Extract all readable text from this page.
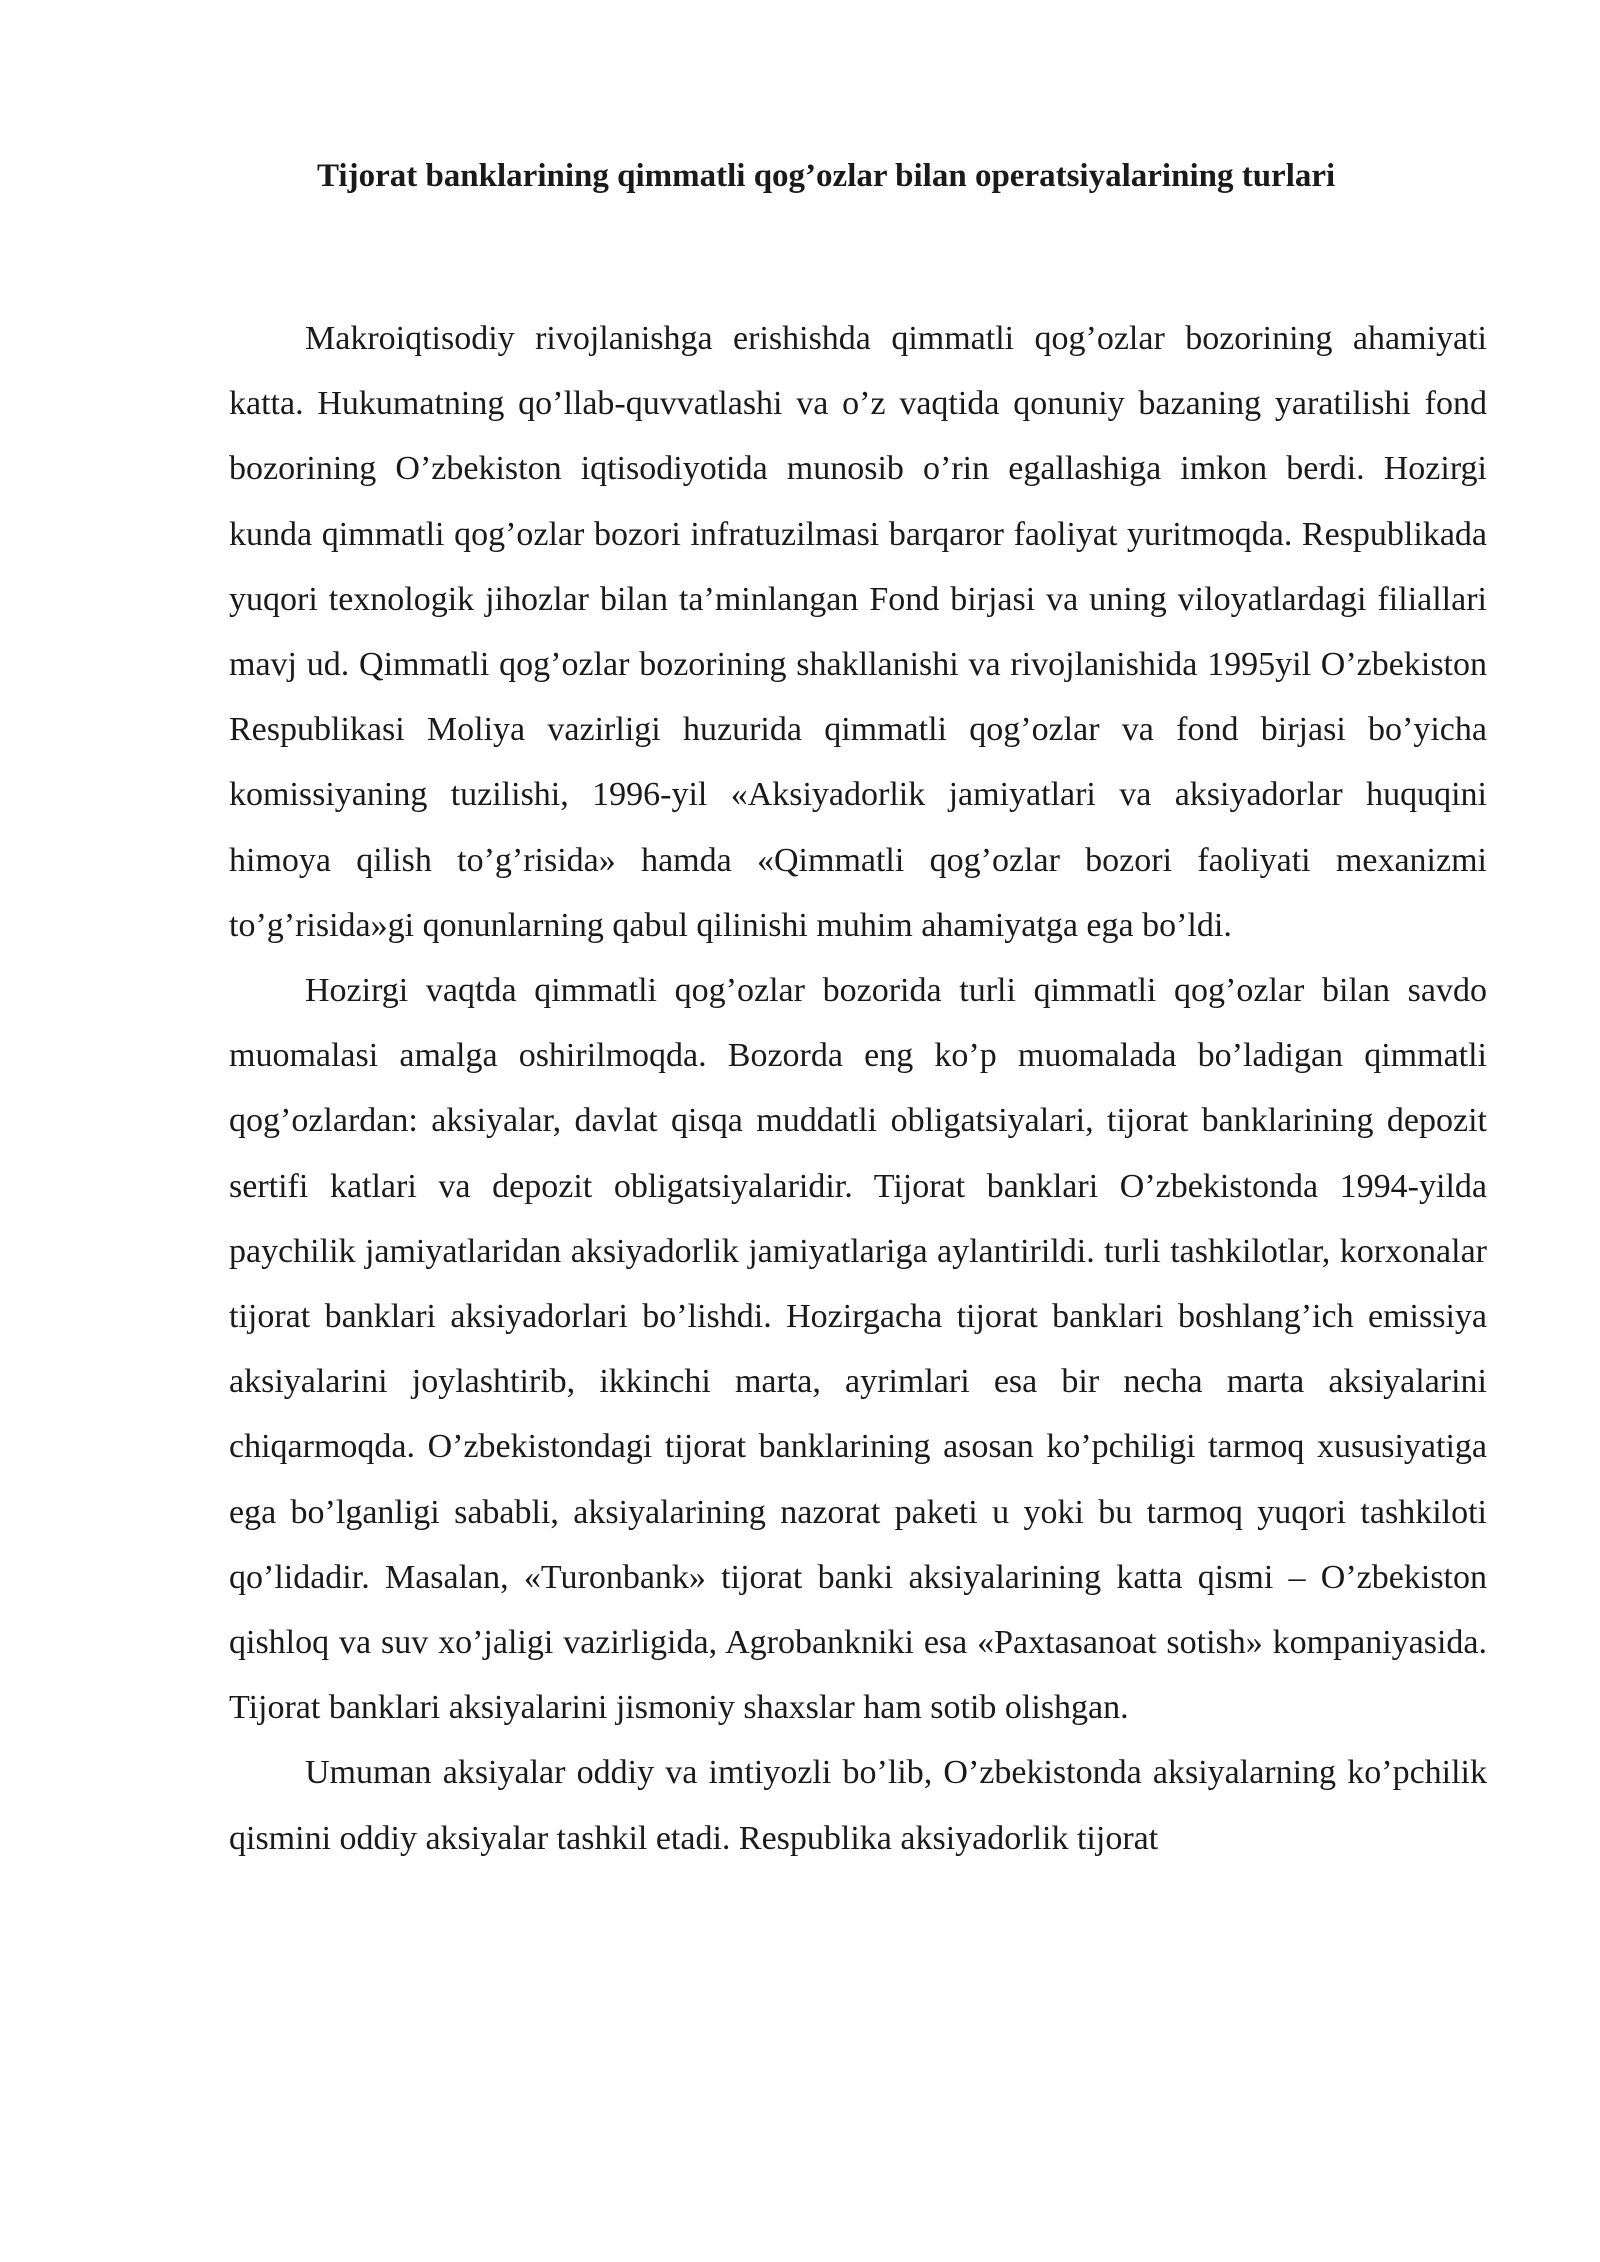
Tijorat banklarining qimmatli qog’ozlar bilan operatsiyalarining turlari

Makroiqtisodiy rivojlanishga erishishda qimmatli qog’ozlar bozorining ahamiyati katta. Hukumatning qo’llab-quvvatlashi va o’z vaqtida qonuniy bazaning yaratilishi fond bozorining O’zbekiston iqtisodiyotida munosib o’rin egallashiga imkon berdi. Hozirgi kunda qimmatli qog’ozlar bozori infratuzilmasi barqaror faoliyat yuritmoqda. Respublikada yuqori texnologik jihozlar bilan ta’minlangan Fond birjasi va uning viloyatlardagi filiallari mavj ud. Qimmatli qog’ozlar bozorining shakllanishi va rivojlanishida 1995yil O’zbekiston Respublikasi Moliya vazirligi huzurida qimmatli qog’ozlar va fond birjasi bo’yicha komissiyaning tuzilishi, 1996-yil «Aksiyadorlik jamiyatlari va aksiyadorlar huquqini himoya qilish to’g’risida» hamda «Qimmatli qog’ozlar bozori faoliyati mexanizmi to’g’risida»gi qonunlarning qabul qilinishi muhim ahamiyatga ega bo’ldi.

Hozirgi vaqtda qimmatli qog’ozlar bozorida turli qimmatli qog’ozlar bilan savdo muomalasi amalga oshirilmoqda. Bozorda eng ko’p muomalada bo’ladigan qimmatli qog’ozlardan: aksiyalar, davlat qisqa muddatli obligatsiyalari, tijorat banklarining depozit sertifi katlari va depozit obligatsiyalaridir. Tijorat banklari O’zbekistonda 1994-yilda paychilik jamiyatlaridan aksiyadorlik jamiyatlariga aylantirildi. turli tashkilotlar, korxonalar tijorat banklari aksiyadorlari bo’lishdi. Hozirgacha tijorat banklari boshlang’ich emissiya aksiyalarini joylashtirib, ikkinchi marta, ayrimlari esa bir necha marta aksiyalarini chiqarmoqda. O’zbekistondagi tijorat banklarining asosan ko’pchiligi tarmoq xususiyatiga ega bo’lganligi sababli, aksiyalarining nazorat paketi u yoki bu tarmoq yuqori tashkiloti qo’lidadir. Masalan, «Turonbank» tijorat banki aksiyalarining katta qismi – O’zbekiston qishloq va suv xo’jaligi vazirligida, Agrobankniki esa «Paxtasanoat sotish» kompaniyasida. Tijorat banklari aksiyalarini jismoniy shaxslar ham sotib olishgan.

Umuman aksiyalar oddiy va imtiyozli bo’lib, O’zbekistonda aksiyalarning ko’pchilik qismini oddiy aksiyalar tashkil etadi. Respublika aksiyadorlik tijorat
